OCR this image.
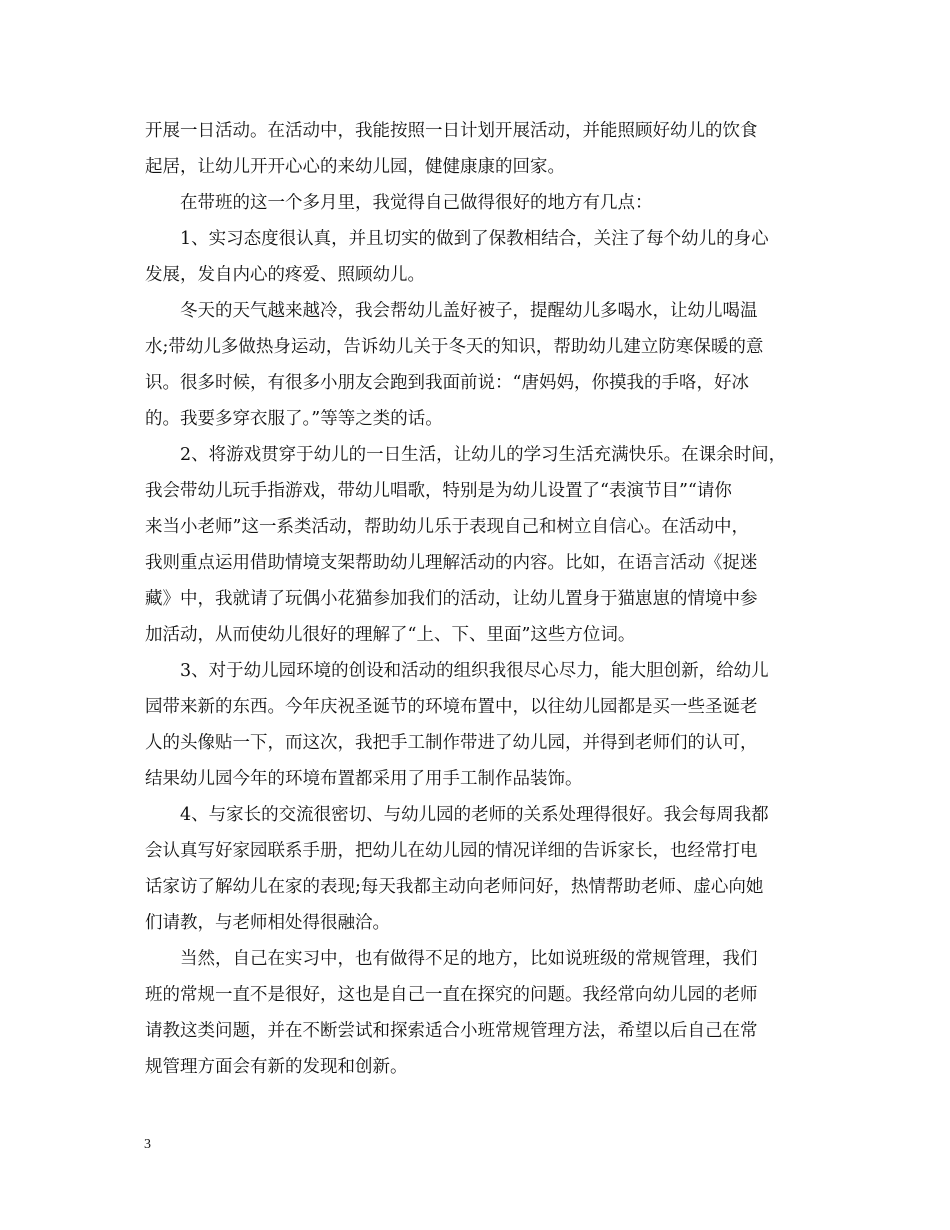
开展一日活动。在活动中，我能按照一日计划开展活动，并能照顾好幼儿的饮食
起居，让幼儿开开心心的来幼儿园，健健康康的回家。
在带班的这一个多月里，我觉得自己做得很好的地方有几点：
1、实习态度很认真，并且切实的做到了保教相结合，关注了每个幼儿的身心
发展，发自内心的疼爱、照顾幼儿。
冬天的天气越来越冷，我会帮幼儿盖好被子，提醒幼儿多喝水，让幼儿喝温
水;带幼儿多做热身运动，告诉幼儿关于冬天的知识，帮助幼儿建立防寒保暖的意
识。很多时候，有很多小朋友会跑到我面前说：“唐妈妈，你摸我的手咯，好冰
的。我要多穿衣服了。”等等之类的话。
2、将游戏贯穿于幼儿的一日生活，让幼儿的学习生活充满快乐。在课余时间，
我会带幼儿玩手指游戏，带幼儿唱歌，特别是为幼儿设置了“表演节目”“请你
来当小老师”这一系类活动，帮助幼儿乐于表现自己和树立自信心。在活动中，
我则重点运用借助情境支架帮助幼儿理解活动的内容。比如，在语言活动《捉迷
藏》中，我就请了玩偶小花猫参加我们的活动，让幼儿置身于猫崽崽的情境中参
加活动，从而使幼儿很好的理解了“上、下、里面”这些方位词。
3、对于幼儿园环境的创设和活动的组织我很尽心尽力，能大胆创新，给幼儿
园带来新的东西。今年庆祝圣诞节的环境布置中，以往幼儿园都是买一些圣诞老
人的头像贴一下，而这次，我把手工制作带进了幼儿园，并得到老师们的认可，
结果幼儿园今年的环境布置都采用了用手工制作品装饰。
4、与家长的交流很密切、与幼儿园的老师的关系处理得很好。我会每周我都
会认真写好家园联系手册，把幼儿在幼儿园的情况详细的告诉家长，也经常打电
话家访了解幼儿在家的表现;每天我都主动向老师问好，热情帮助老师、虚心向她
们请教，与老师相处得很融洽。
当然，自己在实习中，也有做得不足的地方，比如说班级的常规管理，我们
班的常规一直不是很好，这也是自己一直在探究的问题。我经常向幼儿园的老师
请教这类问题，并在不断尝试和探索适合小班常规管理方法，希望以后自己在常
规管理方面会有新的发现和创新。
3
